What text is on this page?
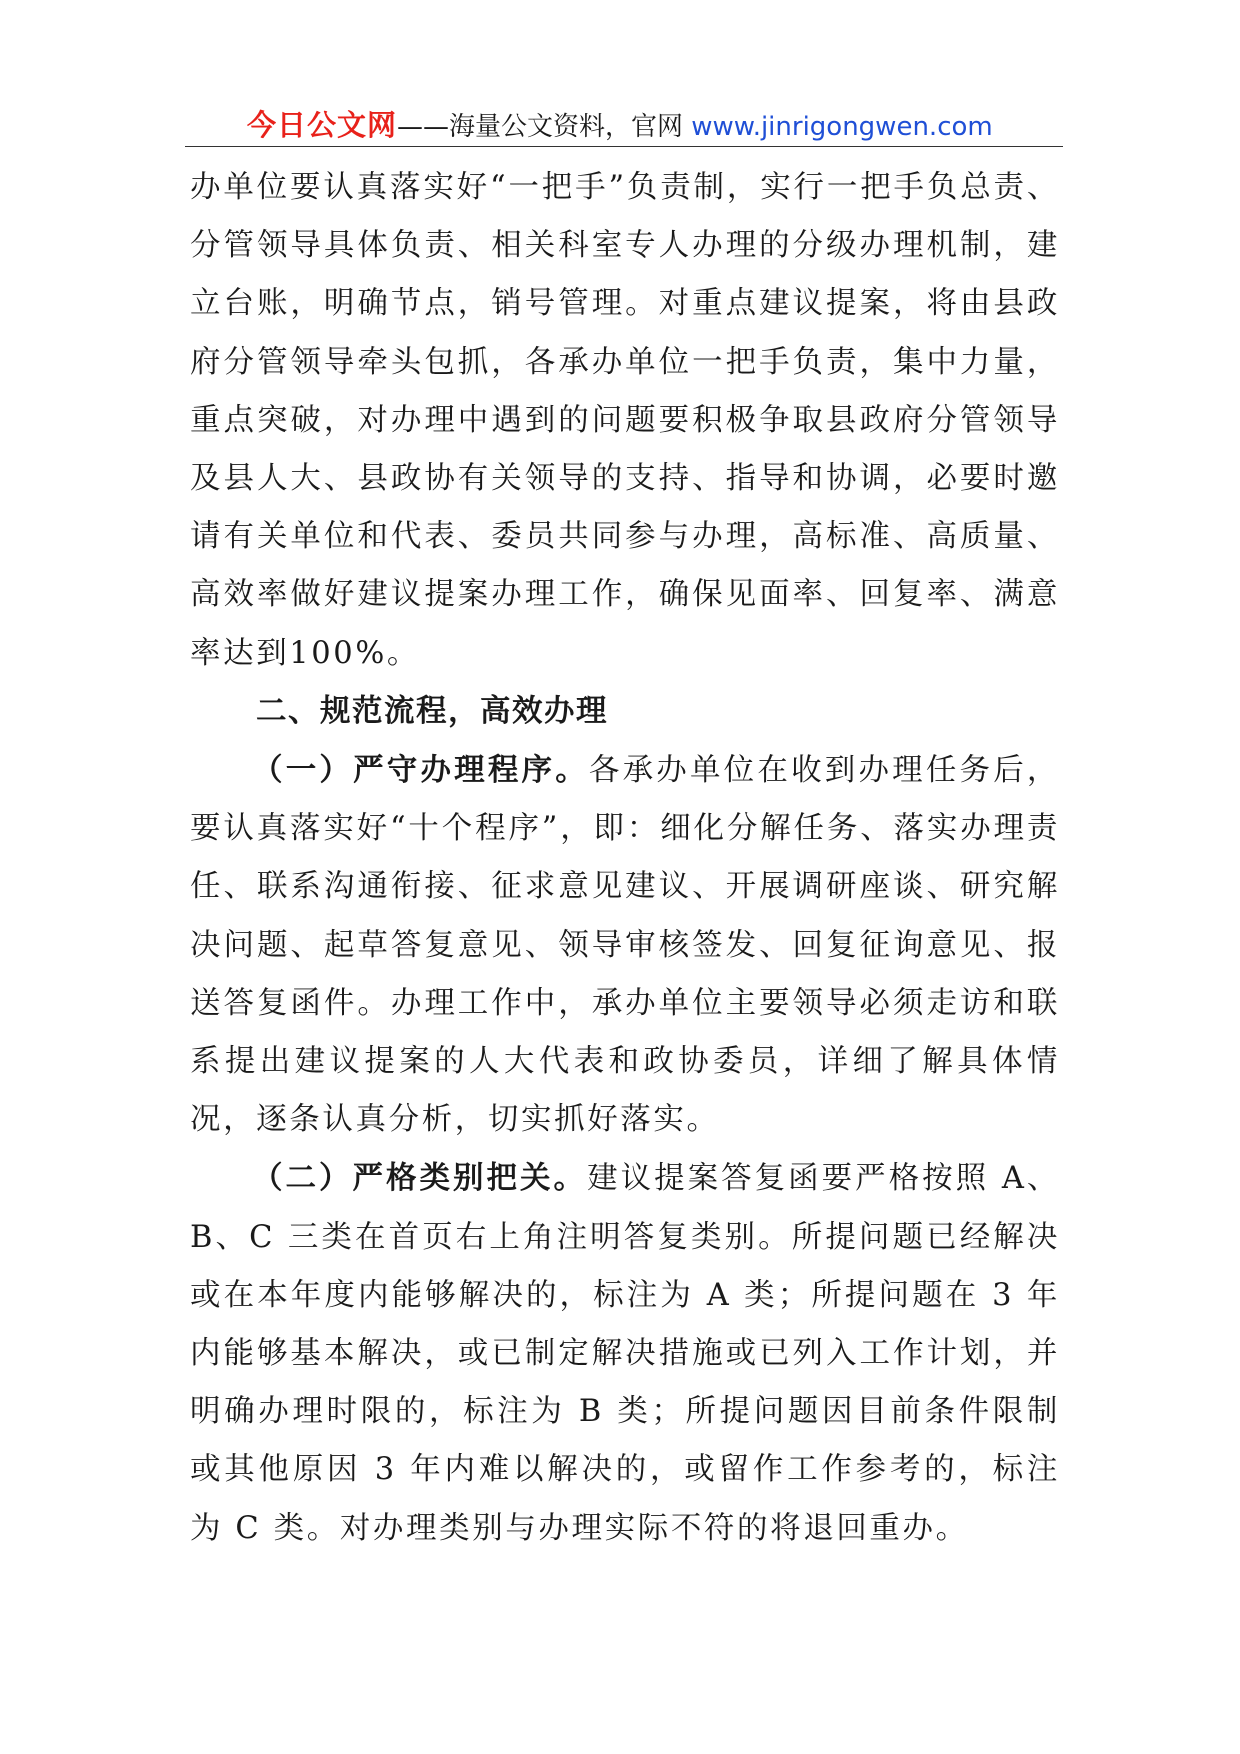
今日公文网——海量公文资料，官网 www.jinrigongwen.com

办单位要认真落实好“一把手”负责制，实行一把手负总责、分管领导具体负责、相关科室专人办理的分级办理机制，建立台账，明确节点，销号管理。对重点建议提案，将由县政府分管领导牵头包抓，各承办单位一把手负责，集中力量，重点突破，对办理中遇到的问题要积极争取县政府分管领导及县人大、县政协有关领导的支持、指导和协调，必要时邀请有关单位和代表、委员共同参与办理，高标准、高质量、高效率做好建议提案办理工作，确保见面率、回复率、满意率达到100%。

二、规范流程，高效办理

（一）严守办理程序。各承办单位在收到办理任务后，要认真落实好“十个程序”，即：细化分解任务、落实办理责任、联系沟通衔接、征求意见建议、开展调研座谈、研究解决问题、起草答复意见、领导审核签发、回复征询意见、报送答复函件。办理工作中，承办单位主要领导必须走访和联系提出建议提案的人大代表和政协委员，详细了解具体情况，逐条认真分析，切实抓好落实。

（二）严格类别把关。建议提案答复函要严格按照 A、B、C 三类在首页右上角注明答复类别。所提问题已经解决或在本年度内能够解决的，标注为 A 类；所提问题在 3 年内能够基本解决，或已制定解决措施或已列入工作计划，并明确办理时限的，标注为 B 类；所提问题因目前条件限制或其他原因 3 年内难以解决的，或留作工作参考的，标注为 C 类。对办理类别与办理实际不符的将退回重办。
